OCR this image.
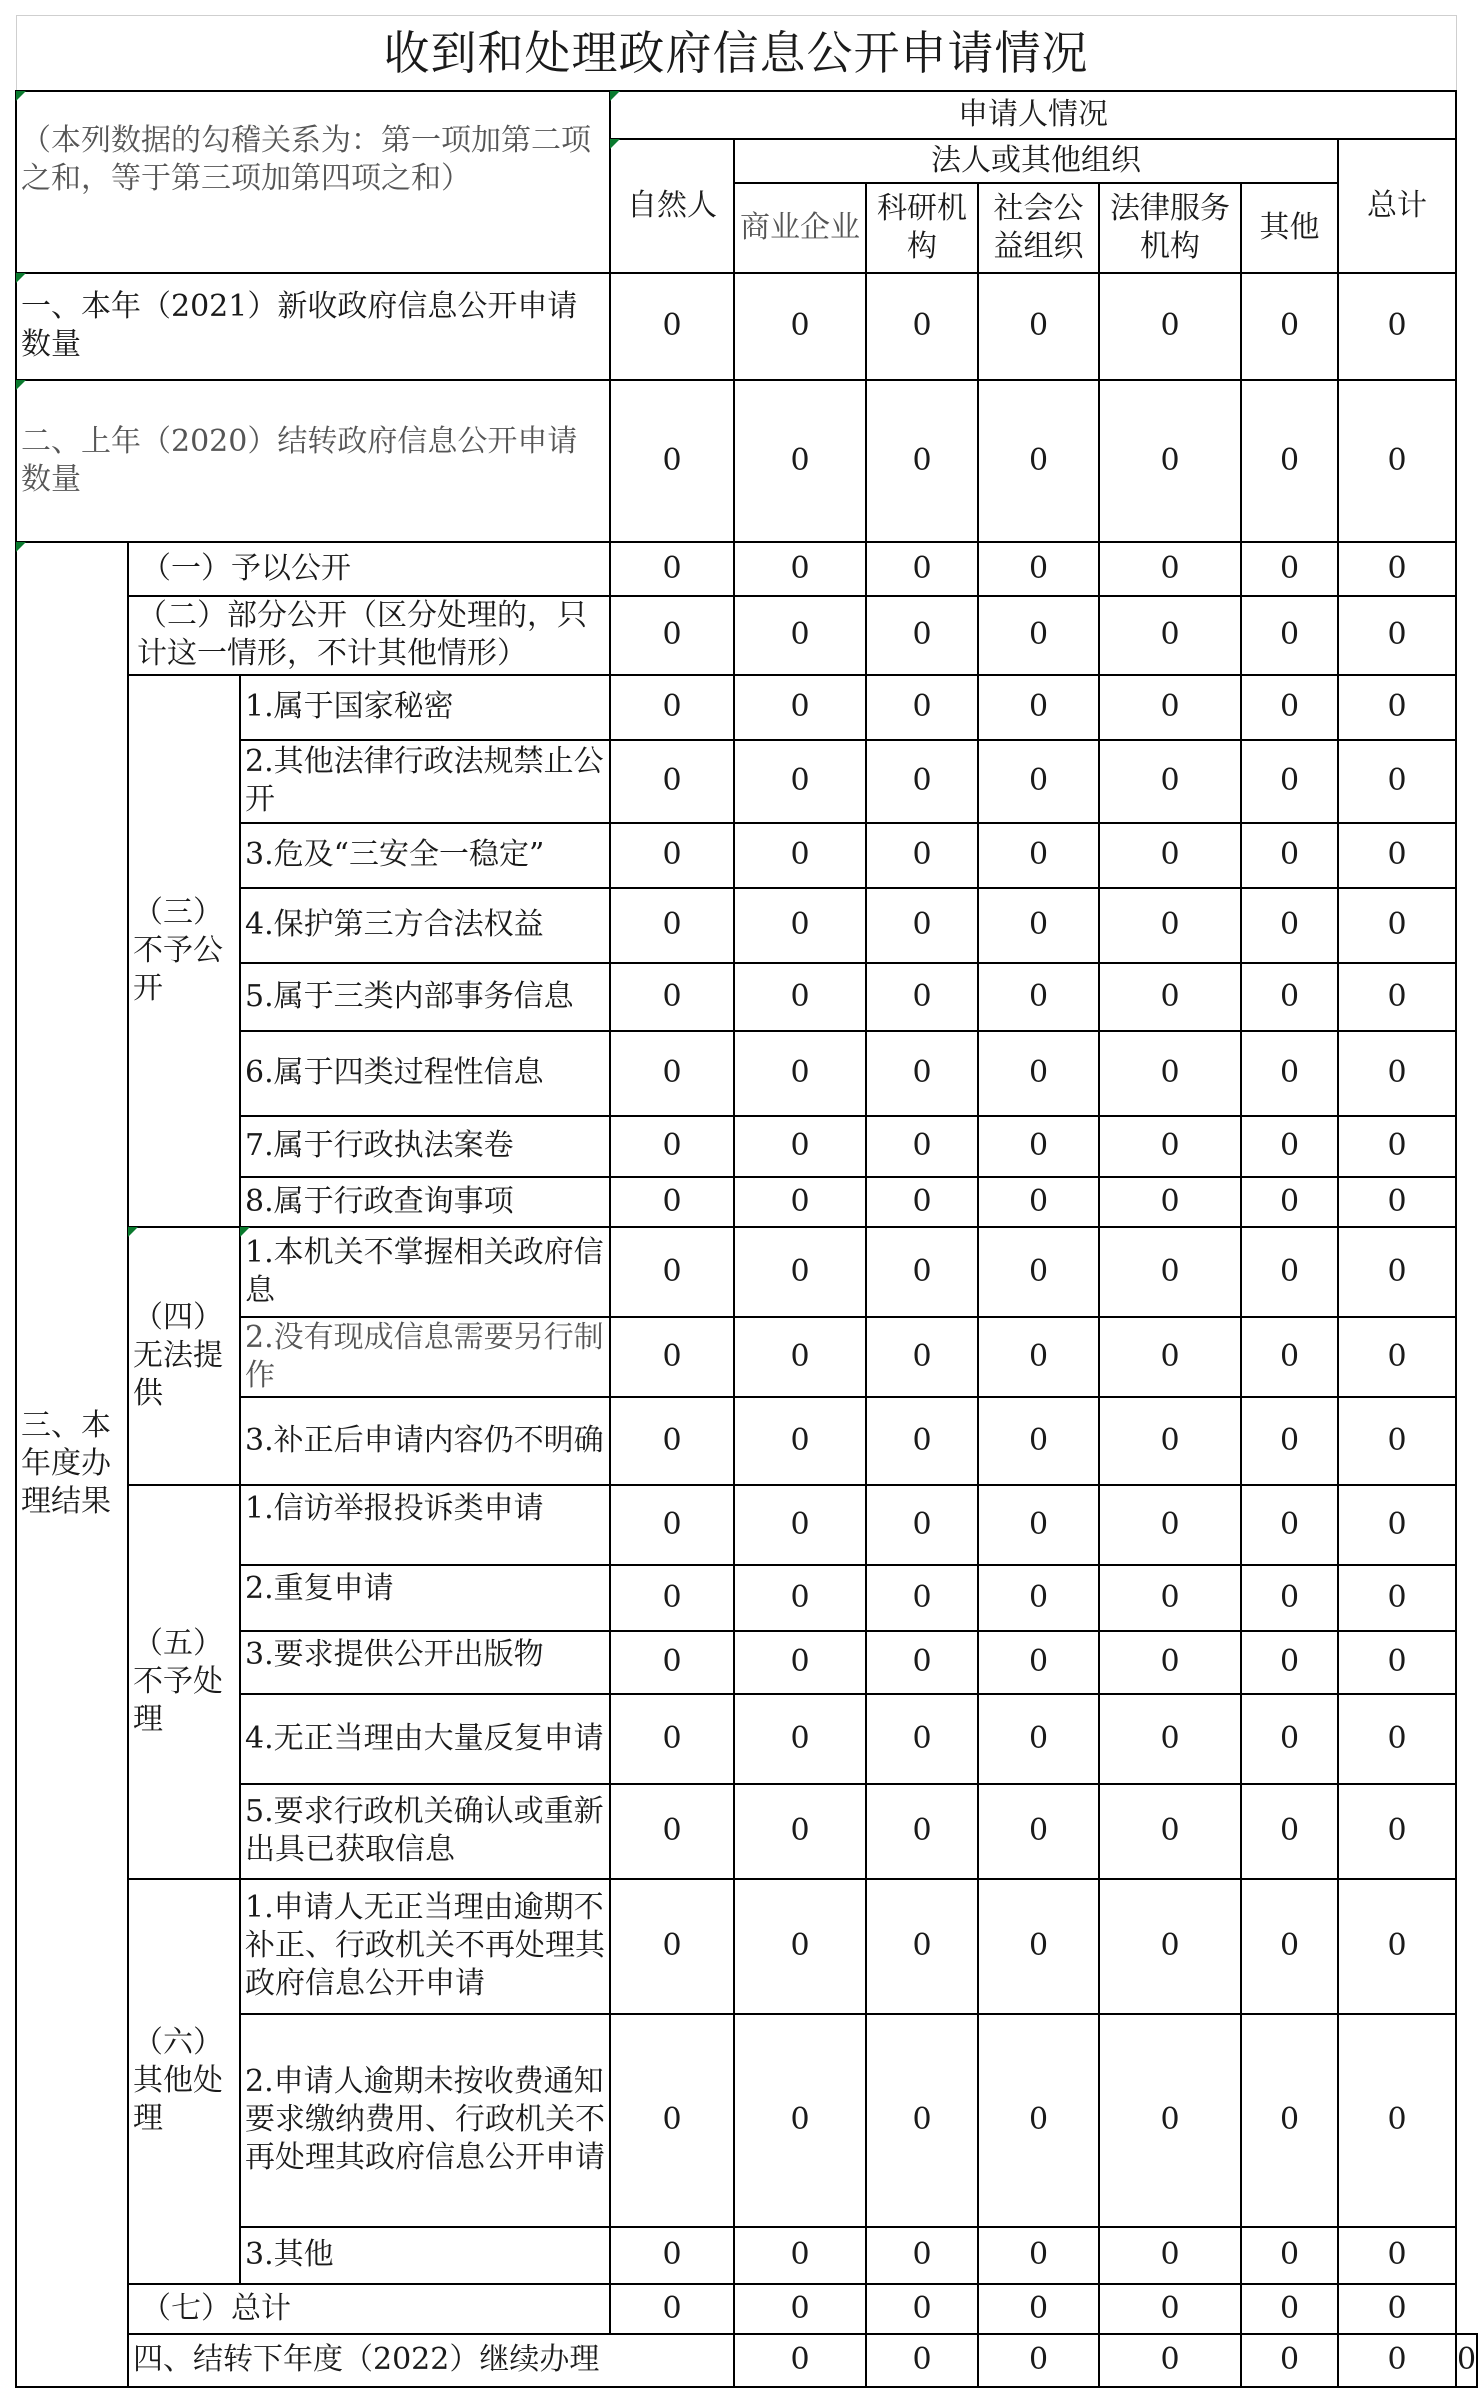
收到和处理政府信息公开申请情况										
（本列数据的勾稽关系为：第一项加第二项之和，等于第三项加第四项之和）			申请人情况							
			自然人	法人或其他组织					总计	
				商业企业	科研机构	社会公益组织	法律服务机构	其他		
一、本年（2021）新收政府信息公开申请数量			0	0	0	0	0	0	0	
二、上年（2020）结转政府信息公开申请数量			0	0	0	0	0	0	0	
三、本年度办理结果	（一）予以公开		0	0	0	0	0	0	0	
	（二）部分公开（区分处理的，只计这一情形，不计其他情形）		0	0	0	0	0	0	0	
	（三）不予公开	1.属于国家秘密	0	0	0	0	0	0	0	
		2.其他法律行政法规禁止公开	0	0	0	0	0	0	0	
		3.危及“三安全一稳定”	0	0	0	0	0	0	0	
		4.保护第三方合法权益	0	0	0	0	0	0	0	
		5.属于三类内部事务信息	0	0	0	0	0	0	0	
		6.属于四类过程性信息	0	0	0	0	0	0	0	
		7.属于行政执法案卷	0	0	0	0	0	0	0	
		8.属于行政查询事项	0	0	0	0	0	0	0	
	（四）无法提供	1.本机关不掌握相关政府信息	0	0	0	0	0	0	0	
		2.没有现成信息需要另行制作	0	0	0	0	0	0	0	
		3.补正后申请内容仍不明确	0	0	0	0	0	0	0	
	（五）不予处理	1.信访举报投诉类申请	0	0	0	0	0	0	0	
		2.重复申请	0	0	0	0	0	0	0	
		3.要求提供公开出版物	0	0	0	0	0	0	0	
		4.无正当理由大量反复申请	0	0	0	0	0	0	0	
		5.要求行政机关确认或重新出具已获取信息	0	0	0	0	0	0	0	
	（六）其他处理	1.申请人无正当理由逾期不补正、行政机关不再处理其政府信息公开申请	0	0	0	0	0	0	0	
		2.申请人逾期未按收费通知要求缴纳费用、行政机关不再处理其政府信息公开申请	0	0	0	0	0	0	0	
		3.其他	0	0	0	0	0	0	0	
	（七）总计		0	0	0	0	0	0	0	
	四、结转下年度（2022）继续办理			0	0	0	0	0	0	0
